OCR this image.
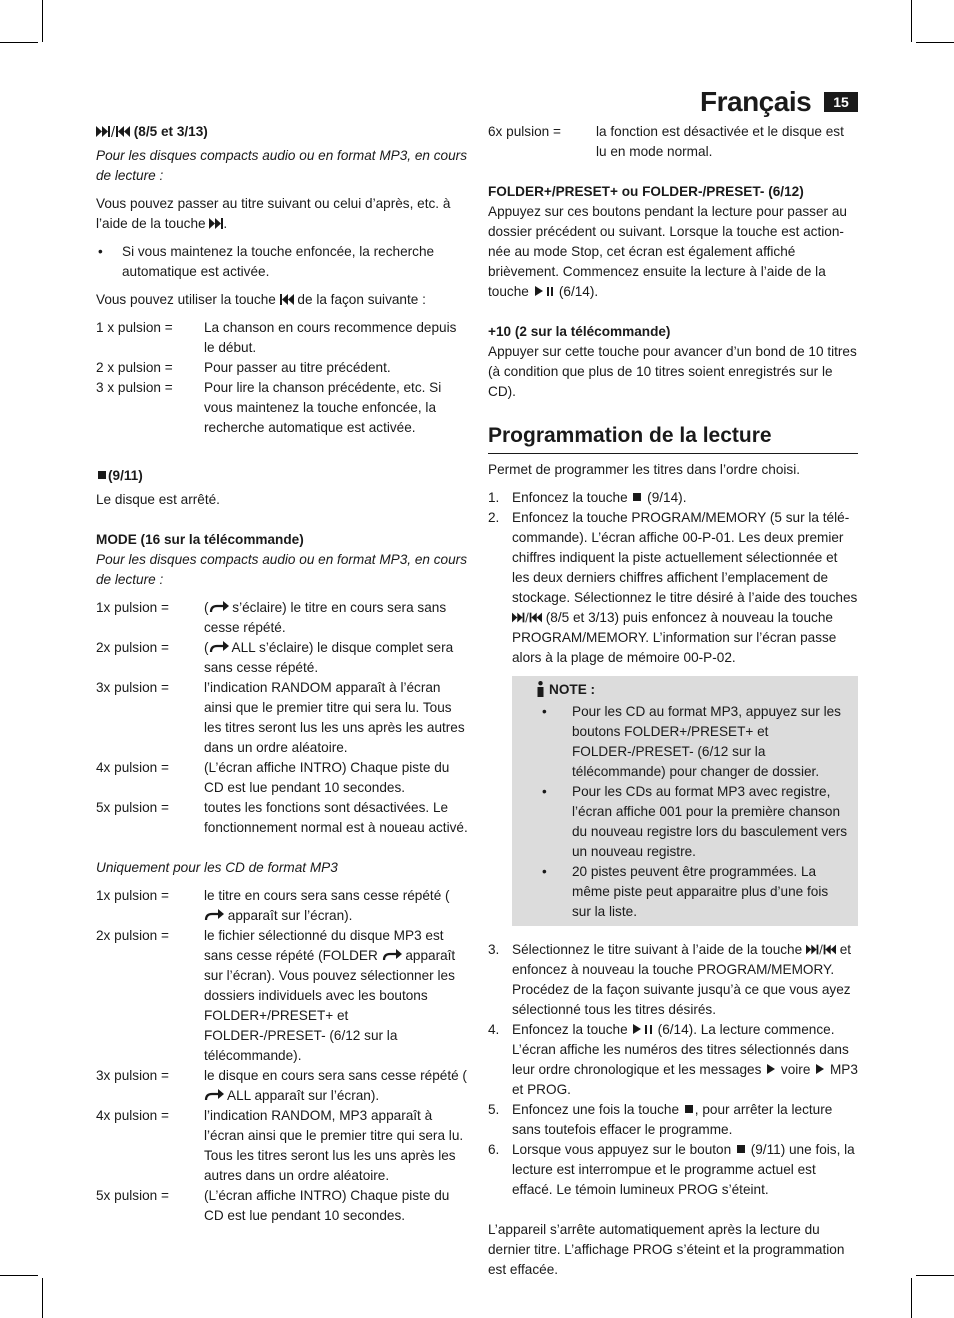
Français	15

(8/5 et 3/13)

Pour les disques compacts audio ou en format MP3, en cours de lecture :

Vous pouvez passer au titre suivant ou celui d’après, etc. à l’aide de la touche .

•	Si vous maintenez la touche enfoncée, la recherche automatique est activée.

Vous pouvez utiliser la touche  de la façon suivante :

1 x pulsion =	La chanson en cours recommence depuis le début.
2 x pulsion =	Pour passer au titre précédent.
3 x pulsion =	Pour lire la chanson précédente, etc. Si vous maintenez la touche enfoncée, la recherche automatique est activée.

(9/11)

Le disque est arrêté.

MODE (16 sur la télécommande)

Pour les disques compacts audio ou en format MP3, en cours de lecture :

1x pulsion =	( s’éclaire) le titre en cours sera sans cesse répété.
2x pulsion =	( ALL s’éclaire) le disque complet sera sans cesse répété.
3x pulsion =	l’indication RANDOM apparaît à l’écran ainsi que le premier titre qui sera lu. Tous les titres seront lus les uns après les autres dans un ordre aléatoire.
4x pulsion =	(L’écran affiche INTRO) Chaque piste du CD est lue pendant 10 secondes.
5x pulsion =	toutes les fonctions sont désactivées. Le fonctionnement normal est à noueau activé.

Uniquement pour les CD de format MP3

1x pulsion =	le titre en cours sera sans cesse répété ( apparaît sur l’écran).
2x pulsion =	le fichier sélectionné du disque MP3 est sans cesse répété (FOLDER  apparaît sur l’écran). Vous pouvez sélectionner les dossiers individuels avec les boutons FOLDER+/PRESET+ et FOLDER-/PRESET- (6/12 sur la télécommande).
3x pulsion =	le disque en cours sera sans cesse répété ( ALL apparaît sur l’écran).
4x pulsion =	l’indication RANDOM, MP3 apparaît à l’écran ainsi que le premier titre qui sera lu. Tous les titres seront lus les uns après les autres dans un ordre aléatoire.
5x pulsion =	(L’écran affiche INTRO) Chaque piste du CD est lue pendant 10 secondes.
6x pulsion =	la fonction est désactivée et le disque est lu en mode normal.

FOLDER+/PRESET+ ou FOLDER-/PRESET- (6/12)

Appuyez sur ces boutons pendant la lecture pour passer au dossier précédent ou suivant. Lorsque la touche est actionnée au mode Stop, cet écran est également affiché brièvement. Commencez ensuite la lecture à l’aide de la touche  (6/14).

+10 (2 sur la télécommande)

Appuyer sur cette touche pour avancer d’un bond de 10 titres (à condition que plus de 10 titres soient enregistrés sur le CD).

Programmation de la lecture

Permet de programmer les titres dans l’ordre choisi.

1. Enfoncez la touche  (9/14).
2. Enfoncez la touche PROGRAM/MEMORY (5 sur la télécommande). L’écran affiche 00-P-01. Les deux premier chiffres indiquent la piste actuellement sélectionnée et les deux derniers chiffres affichent l’emplacement de stockage. Sélectionnez le titre désiré à l’aide des touches  (8/5 et 3/13) puis enfoncez à nouveau la touche PROGRAM/MEMORY. L’information sur l’écran passe alors à la plage de mémoire 00-P-02.

NOTE :

•	Pour les CD au format MP3, appuyez sur les boutons FOLDER+/PRESET+ et FOLDER-/PRESET- (6/12 sur la télécommande) pour changer de dossier.
•	Pour les CDs au format MP3 avec registre, l’écran affiche 001 pour la première chanson du nouveau registre lors du basculement vers un nouveau registre.
•	20 pistes peuvent être programmées. La même piste peut apparaitre plus d’une fois sur la liste.
3. Sélectionnez le titre suivant à l’aide de la touche  et enfoncez à nouveau la touche PROGRAM/MEMORY. Procédez de la façon suivante jusqu’à ce que vous ayez sélectionné tous les titres désirés.
4. Enfoncez la touche  (6/14). La lecture commence. L’écran affiche les numéros des titres sélectionnés dans leur ordre chronologique et les messages  voire  MP3 et PROG.
5. Enfoncez une fois la touche , pour arrêter la lecture sans toutefois effacer le programme.
6. Lorsque vous appuyez sur le bouton  (9/11) une fois, la lecture est interrompue et le programme actuel est effacé. Le témoin lumineux PROG s’éteint.

L’appareil s’arrête automatiquement après la lecture du dernier titre. L’affichage PROG s’éteint et la programmation est effacée.
